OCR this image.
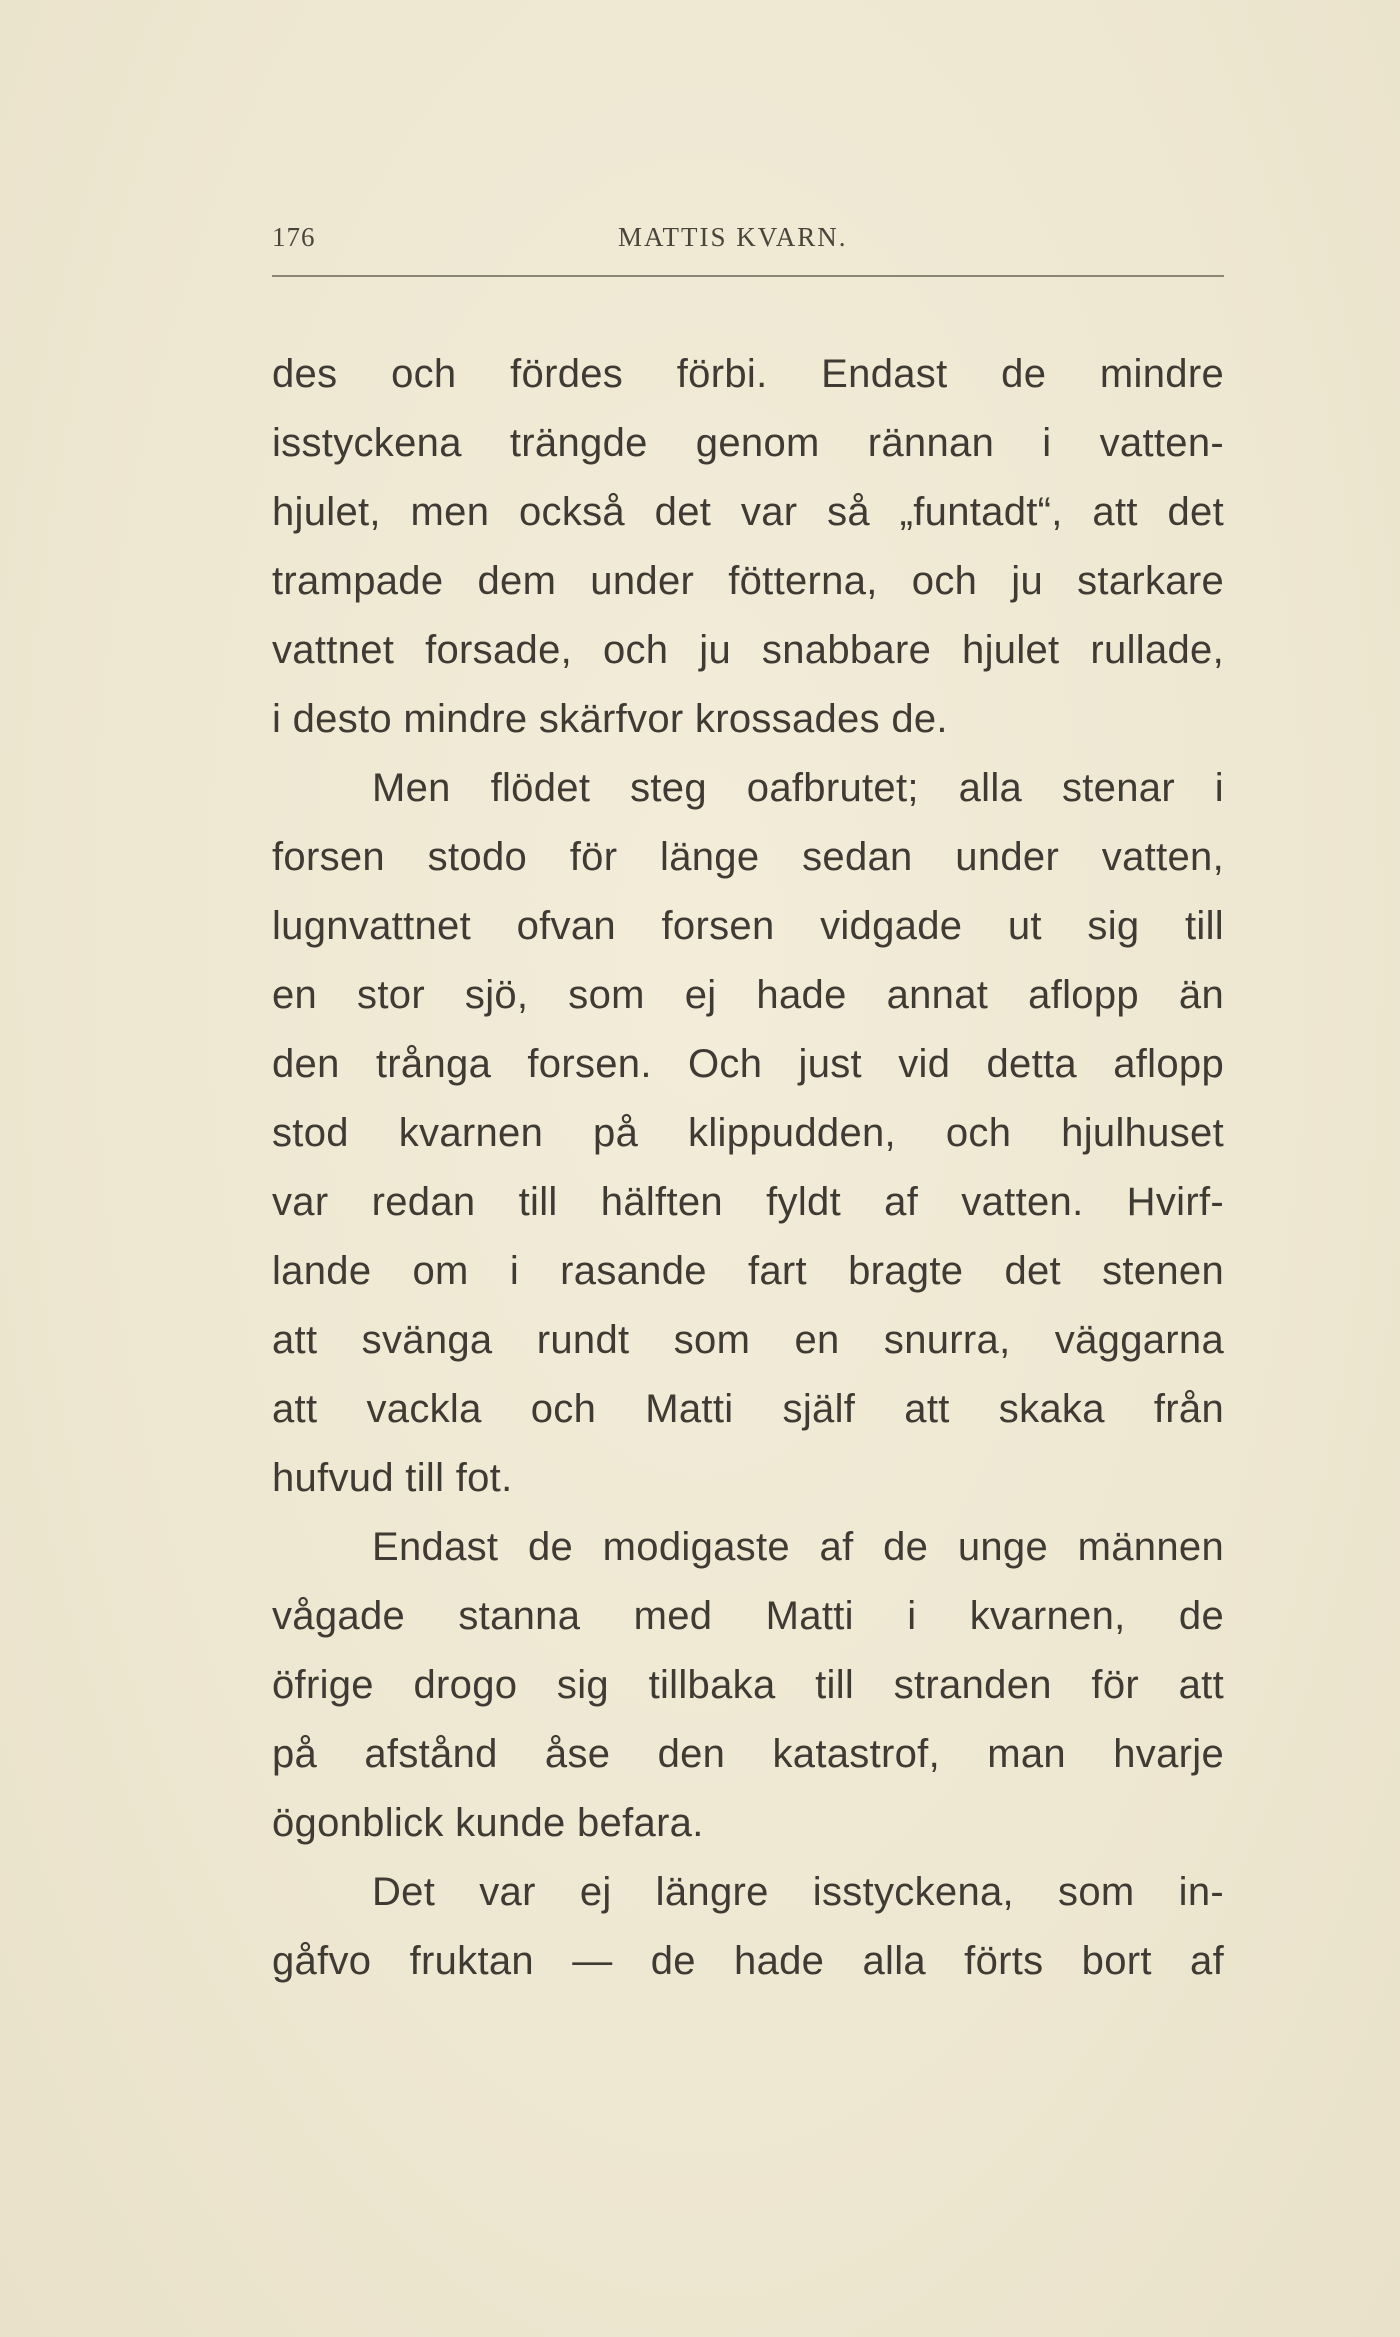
176	MATTIS KVARN.
des och fördes förbi. Endast de mindre
isstyckena trängde genom rännan i vatten-
hjulet, men också det var så „funtadt“, att det
trampade dem under fötterna, och ju starkare
vattnet forsade, och ju snabbare hjulet rullade,
i desto mindre skärfvor krossades de.
Men flödet steg oafbrutet; alla stenar i
forsen stodo för länge sedan under vatten,
lugnvattnet ofvan forsen vidgade ut sig till
en stor sjö, som ej hade annat aflopp än
den trånga forsen. Och just vid detta aflopp
stod kvarnen på klippudden, och hjulhuset
var redan till hälften fyldt af vatten. Hvirf-
lande om i rasande fart bragte det stenen
att svänga rundt som en snurra, väggarna
att vackla och Matti själf att skaka från
hufvud till fot.
Endast de modigaste af de unge männen
vågade stanna med Matti i kvarnen, de
öfrige drogo sig tillbaka till stranden för att
på afstånd åse den katastrof, man hvarje
ögonblick kunde befara.
Det var ej längre isstyckena, som in-
gåfvo fruktan — de hade alla förts bort af
